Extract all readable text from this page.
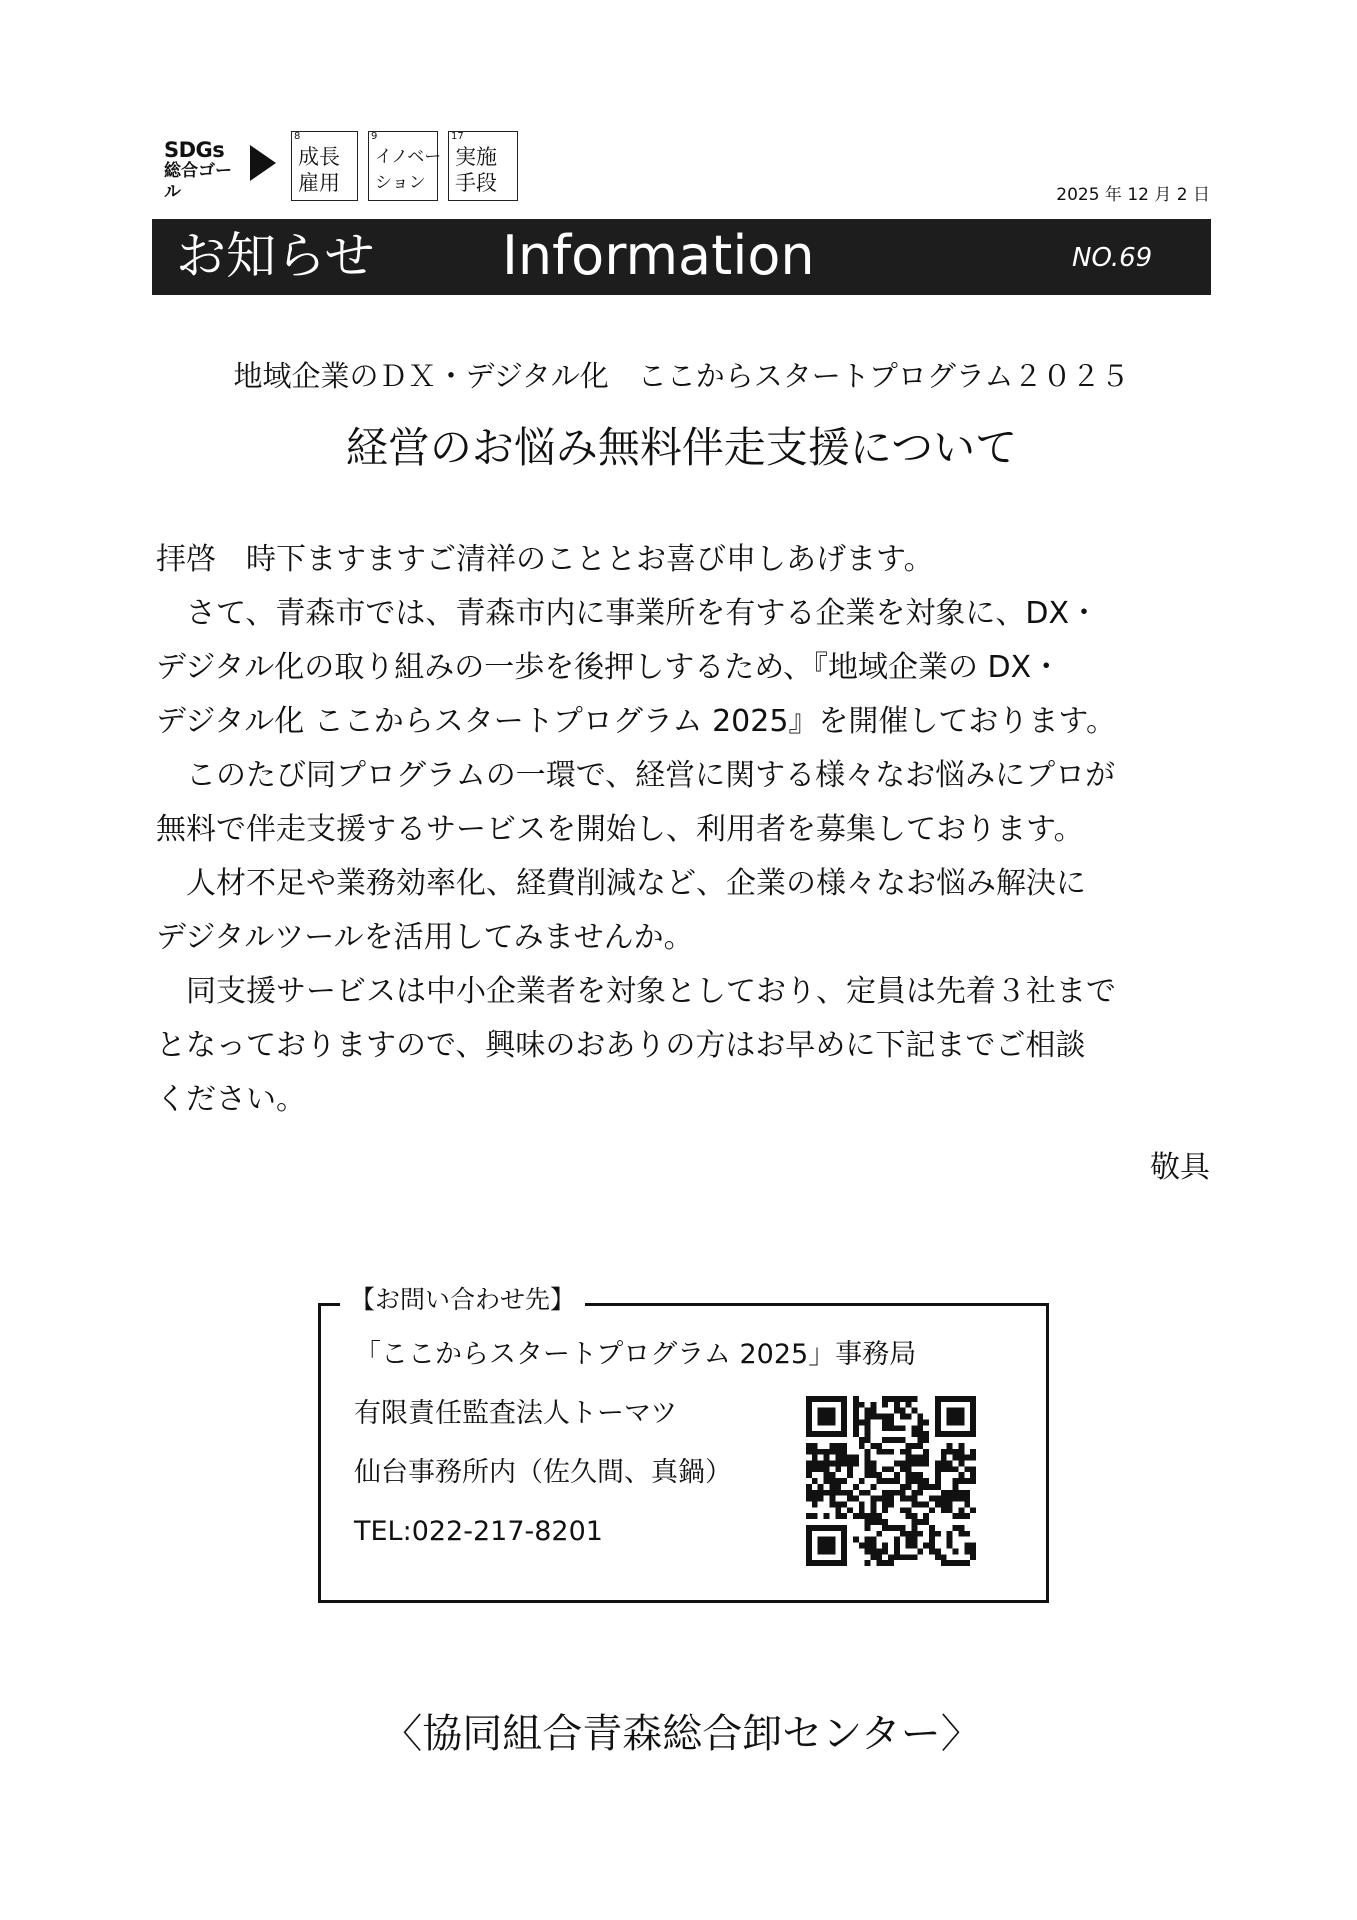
SDGs
総合ゴール
8
成長
雇用
9
イノベー
ション
17
実施
手段	2025 年 12 月 2 日
お知らせ Information	NO.69
地域企業のＤＸ・デジタル化　ここからスタートプログラム２０２５
経営のお悩み無料伴走支援について

拝啓　時下ますますご清祥のこととお喜び申しあげます。

　さて、青森市では、青森市内に事業所を有する企業を対象に、DX・

デジタル化の取り組みの一歩を後押しするため、『地域企業の DX・

デジタル化 ここからスタートプログラム 2025』を開催しております。

　このたび同プログラムの一環で、経営に関する様々なお悩みにプロが

無料で伴走支援するサービスを開始し、利用者を募集しております。

　人材不足や業務効率化、経費削減など、企業の様々なお悩み解決に

デジタルツールを活用してみませんか。

　同支援サービスは中小企業者を対象としており、定員は先着３社まで

となっておりますので、興味のおありの方はお早めに下記までご相談

ください。

敬具
【お問い合わせ先】
「ここからスタートプログラム 2025」事務局
有限責任監査法人トーマツ
仙台事務所内（佐久間、真鍋）
TEL:022-217-8201
〈協同組合青森総合卸センター〉
